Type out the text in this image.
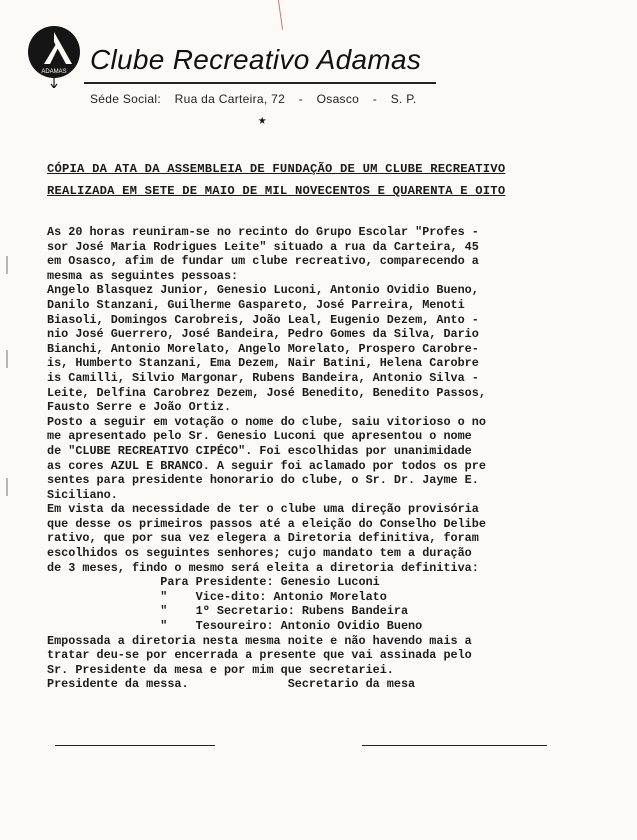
ADAMAS Clube Recreativo Adamas
Séde Social: Rua da Carteira, 72 - Osasco - S. P.
★
CÓPIA DA ATA DA ASSEMBLEIA DE FUNDAÇÃO DE UM CLUBE RECREATIVO
REALIZADA EM SETE DE MAIO DE MIL NOVECENTOS E QUARENTA E OITO
As 20 horas reuniram-se no recinto do Grupo Escolar "Profes -
sor José Maria Rodrigues Leite" situado a rua da Carteira, 45
em Osasco, afim de fundar um clube recreativo, comparecendo a
mesma as seguintes pessoas:
Angelo Blasquez Junior, Genesio Luconi, Antonio Ovidio Bueno,
Danilo Stanzani, Guilherme Gaspareto, José Parreira, Menoti
Biasoli, Domingos Carobreis, João Leal, Eugenio Dezem, Anto -
nio José Guerrero, José Bandeira, Pedro Gomes da Silva, Dario
Bianchi, Antonio Morelato, Angelo Morelato, Prospero Carobre-
is, Humberto Stanzani, Ema Dezem, Nair Batini, Helena Carobre
is Camilli, Silvio Margonar, Rubens Bandeira, Antonio Silva -
Leite, Delfina Carobrez Dezem, José Benedito, Benedito Passos,
Fausto Serre e João Ortiz.
Posto a seguir em votação o nome do clube, saiu vitorioso o no
me apresentado pelo Sr. Genesio Luconi que apresentou o nome
de "CLUBE RECREATIVO CIPÉCO". Foi escolhidas por unanimidade
as cores AZUL E BRANCO. A seguir foi aclamado por todos os pre
sentes para presidente honorario do clube, o Sr. Dr. Jayme E.
Siciliano.
Em vista da necessidade de ter o clube uma direção provisória
que desse os primeiros passos até a eleição do Conselho Delibe
rativo, que por sua vez elegera a Diretoria definitiva, foram
escolhidos os seguintes senhores; cujo mandato tem a duração
de 3 meses, findo o mesmo será eleita a diretoria definitiva:
Para Presidente: Genesio Luconi
"    Vice-dito: Antonio Morelato
"    1º Secretario: Rubens Bandeira
"    Tesoureiro: Antonio Ovidio Bueno
Empossada a diretoria nesta mesma noite e não havendo mais a
tratar deu-se por encerrada a presente que vai assinada pelo
Sr. Presidente da mesa e por mim que secretariei.
Presidente da messa.              Secretario da mesa
